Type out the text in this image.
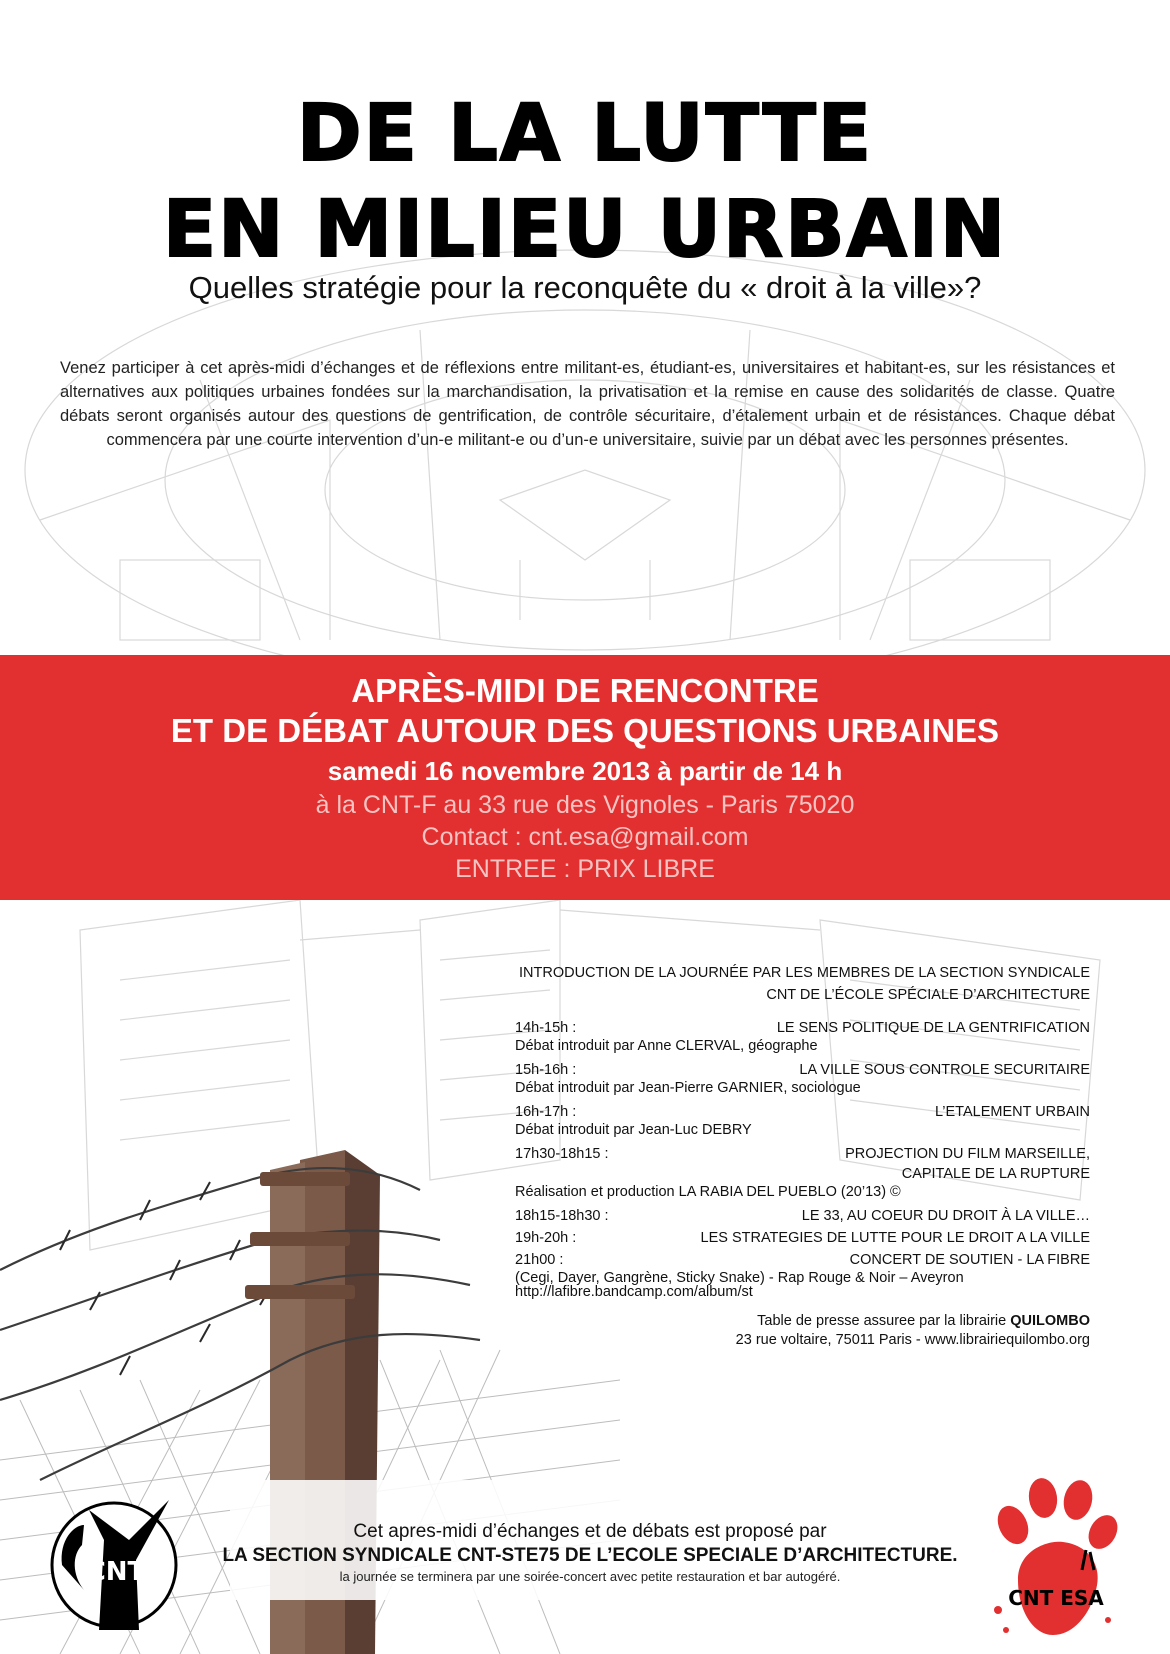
DE LA LUTTE
EN MILIEU URBAIN
Quelles stratégie pour la reconquête du « droit à la ville»?
Venez participer à cet après-midi d’échanges et de réflexions entre militant-es, étudiant-es, universitaires et habitant-es, sur les résistances et alternatives aux politiques urbaines fondées sur la marchandisation, la privatisation et la remise en cause des solidarités de classe. Quatre débats seront organisés autour des questions de gentrification, de contrôle sécuritaire, d’étalement urbain et de résistances. Chaque débat commencera par une courte intervention d’un-e militant-e ou d’un-e universitaire, suivie par un débat avec les personnes présentes.
APRÈS-MIDI DE RENCONTRE
ET DE DÉBAT AUTOUR DES QUESTIONS URBAINES
samedi 16 novembre 2013 à partir de 14 h
à la CNT-F au 33 rue des Vignoles - Paris 75020
Contact : cnt.esa@gmail.com
ENTREE : PRIX LIBRE
INTRODUCTION DE LA JOURNÉE PAR LES MEMBRES DE LA SECTION SYNDICALE
CNT DE L’ÉCOLE SPÉCIALE D’ARCHITECTURE
14h-15h :	LE SENS POLITIQUE DE LA GENTRIFICATION
Débat introduit par Anne CLERVAL, géographe
15h-16h :	LA VILLE SOUS CONTROLE SECURITAIRE
Débat introduit par Jean-Pierre GARNIER, sociologue
16h-17h :	L’ETALEMENT URBAIN
Débat introduit par Jean-Luc DEBRY
17h30-18h15 :	PROJECTION DU FILM MARSEILLE,
CAPITALE DE LA RUPTURE
Réalisation et production LA RABIA DEL PUEBLO (20’13) ©
18h15-18h30 :	LE 33, AU COEUR DU DROIT À LA VILLE…
19h-20h :	LES STRATEGIES DE LUTTE POUR LE DROIT A LA VILLE
21h00 :	CONCERT DE SOUTIEN - LA FIBRE
(Cegi, Dayer, Gangrène, Sticky Snake) - Rap Rouge & Noir – Aveyron
http://lafibre.bandcamp.com/album/st
Table de presse assuree par la librairie QUILOMBO
23 rue voltaire, 75011 Paris - www.librairiequilombo.org
Cet apres-midi d’échanges et de débats est proposé par
LA SECTION SYNDICALE CNT-STE75 DE L’ECOLE SPECIALE D’ARCHITECTURE.
la journée se terminera par une soirée-concert avec petite restauration et bar autogéré.
CNT
CNT ESA
